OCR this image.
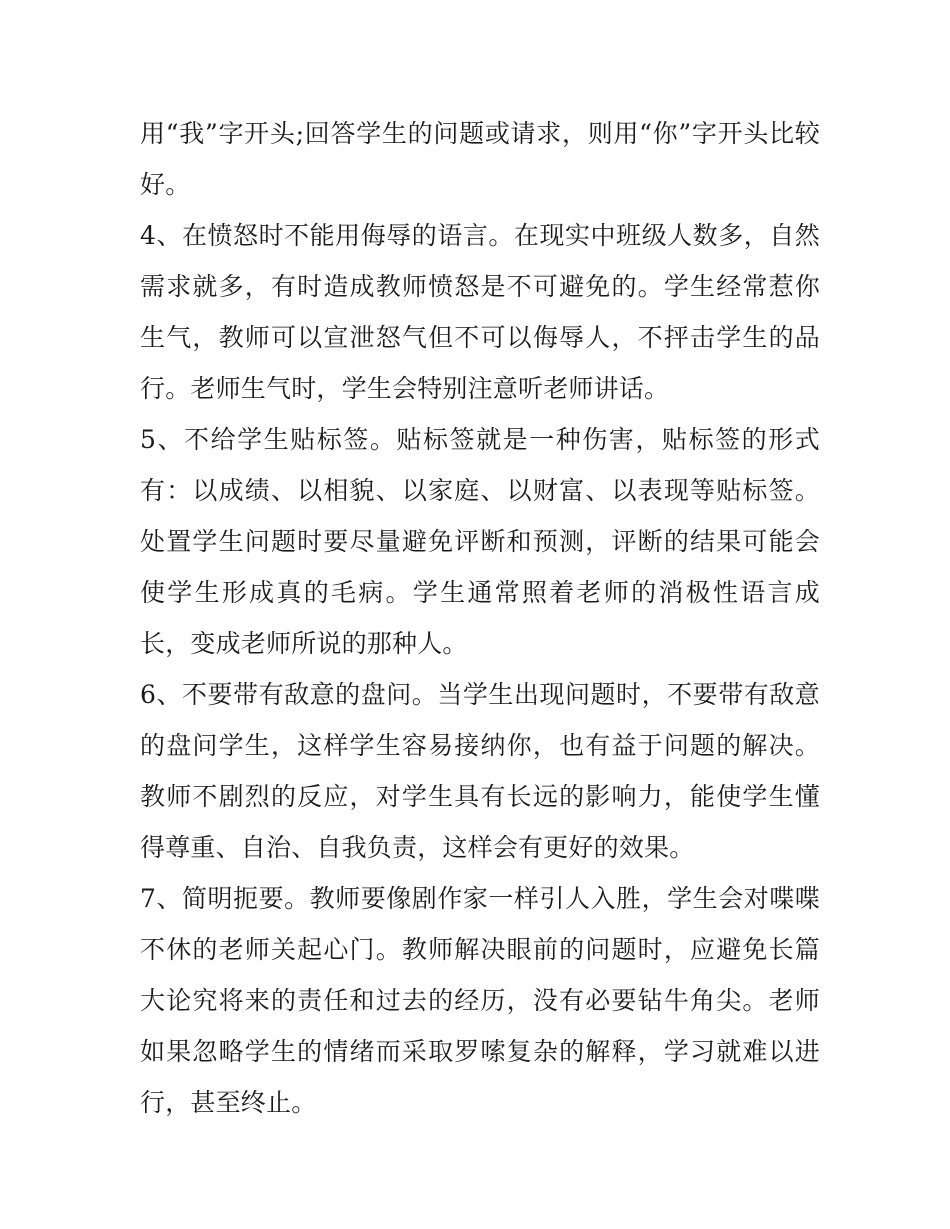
用“我”字开头;回答学生的问题或请求，则用“你”字开头比较好。

4、在愤怒时不能用侮辱的语言。在现实中班级人数多，自然需求就多，有时造成教师愤怒是不可避免的。学生经常惹你生气，教师可以宣泄怒气但不可以侮辱人，不抨击学生的品行。老师生气时，学生会特别注意听老师讲话。

5、不给学生贴标签。贴标签就是一种伤害，贴标签的形式有：以成绩、以相貌、以家庭、以财富、以表现等贴标签。处置学生问题时要尽量避免评断和预测，评断的结果可能会使学生形成真的毛病。学生通常照着老师的消极性语言成长，变成老师所说的那种人。

6、不要带有敌意的盘问。当学生出现问题时，不要带有敌意的盘问学生，这样学生容易接纳你，也有益于问题的解决。教师不剧烈的反应，对学生具有长远的影响力，能使学生懂得尊重、自治、自我负责，这样会有更好的效果。

7、简明扼要。教师要像剧作家一样引人入胜，学生会对喋喋不休的老师关起心门。教师解决眼前的问题时，应避免长篇大论究将来的责任和过去的经历，没有必要钻牛角尖。老师如果忽略学生的情绪而采取罗嗦复杂的解释，学习就难以进行，甚至终止。
